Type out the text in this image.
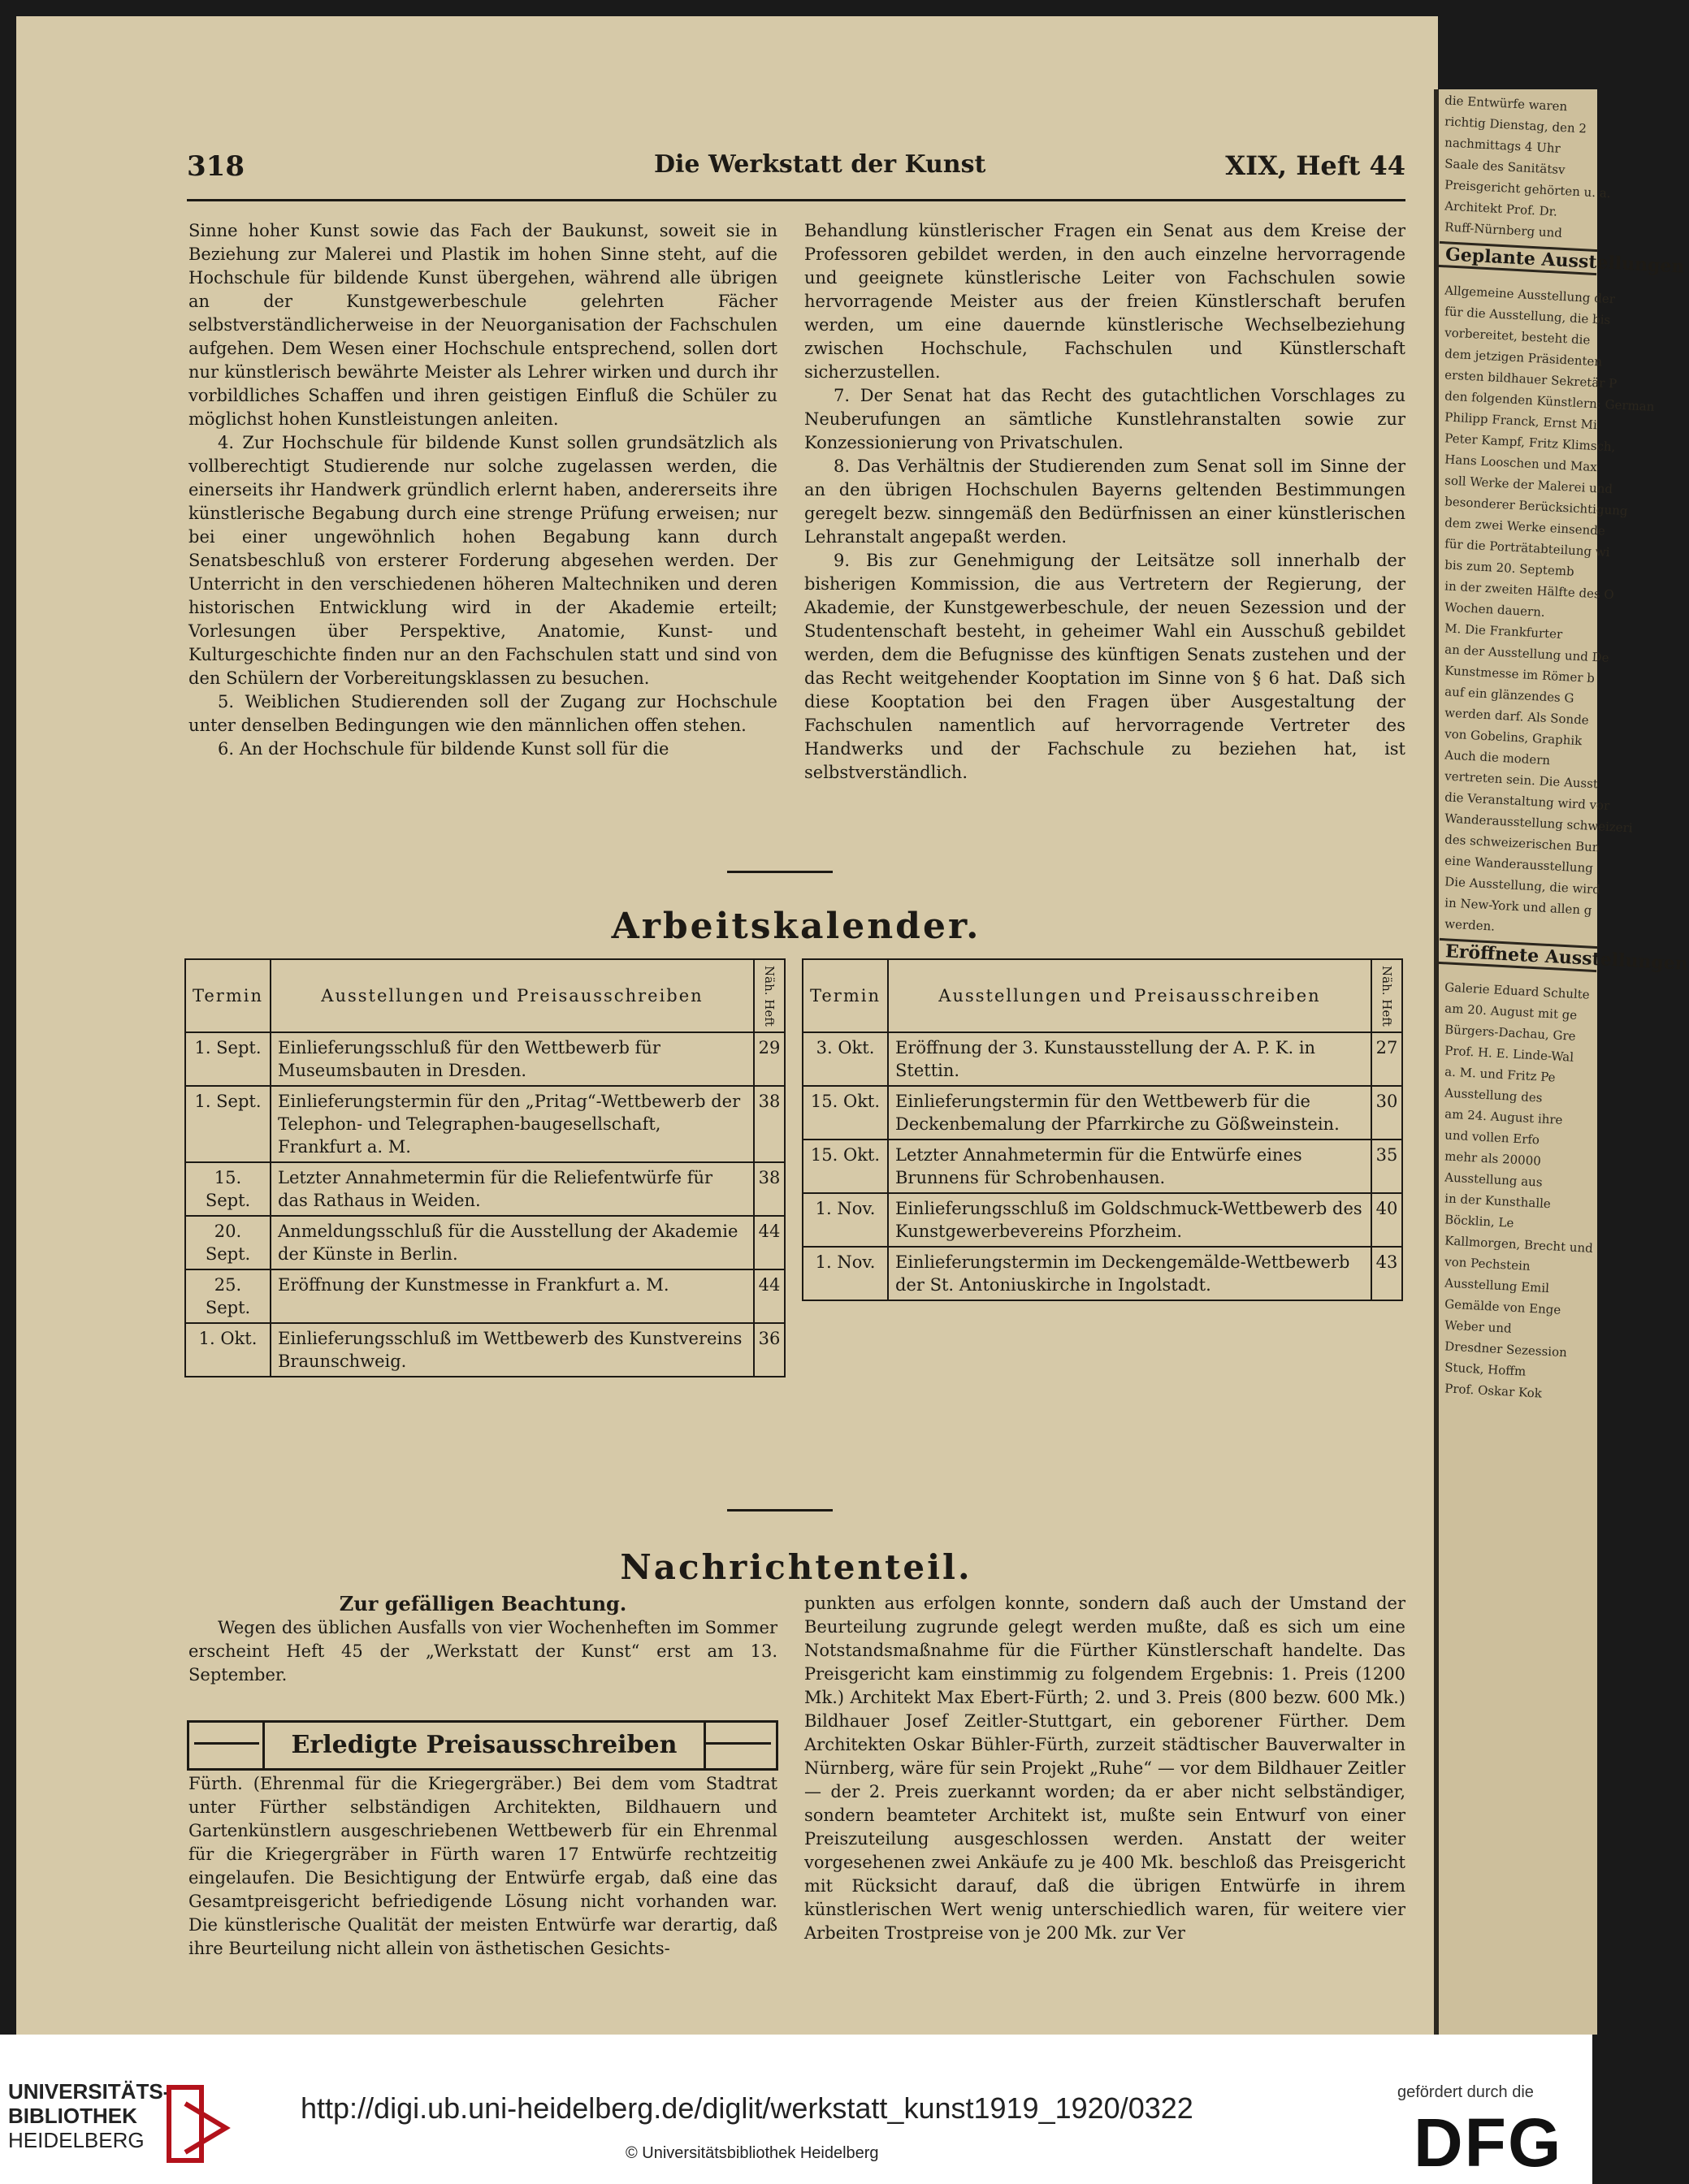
die Entwürfe waren
richtig Dienstag, den 2
nachmittags 4 Uhr
Saale des Sanitätsv
Preisgericht gehörten u. a.
Architekt Prof. Dr.
Ruff-Nürnberg und
Geplante Ausstellungen
Allgemeine Ausstellung der
für die Ausstellung, die bis
vorbereitet, besteht die
dem jetzigen Präsidenten
ersten bildhauer Sekretär P
den folgenden Künstlern: German
Philipp Franck, Ernst Mi
Peter Kampf, Fritz Klimsch,
Hans Looschen und Max
soll Werke der Malerei und
besonderer Berücksichtigung
dem zwei Werke einsende
für die Porträtabteilung wi
bis zum 20. Septemb
in der zweiten Hälfte des O
Wochen dauern.
M. Die Frankfurter
an der Ausstellung und De
Kunstmesse im Römer b
auf ein glänzendes G
werden darf. Als Sonde
von Gobelins, Graphik
Auch die modern
vertreten sein. Die Ausst
die Veranstaltung wird vor
Wanderausstellung schweizeri
des schweizerischen Bun
eine Wanderausstellung
Die Ausstellung, die wird
in New-York und allen g
werden.
Eröffnete Ausstellungen
Galerie Eduard Schulte
am 20. August mit ge
Bürgers-Dachau, Gre
Prof. H. E. Linde-Wal
a. M. und Fritz Pe
Ausstellung des
am 24. August ihre
und vollen Erfo
mehr als 20000
Ausstellung aus
in der Kunsthalle
Böcklin, Le
Kallmorgen, Brecht und
von Pechstein
Ausstellung Emil
Gemälde von Enge
Weber und
Dresdner Sezession
Stuck, Hoffm
Prof. Oskar Kok
318	Die Werkstatt der Kunst	XIX, Heft 44

Sinne hoher Kunst sowie das Fach der Baukunst, soweit sie in Beziehung zur Malerei und Plastik im hohen Sinne steht, auf die Hochschule für bildende Kunst übergehen, während alle übrigen an der Kunstgewerbeschule gelehrten Fächer selbstverständlicherweise in der Neuorganisation der Fachschulen aufgehen. Dem Wesen einer Hochschule entsprechend, sollen dort nur künstlerisch bewährte Meister als Lehrer wirken und durch ihr vorbildliches Schaffen und ihren geistigen Einfluß die Schüler zu möglichst hohen Kunstleistungen anleiten.

4. Zur Hochschule für bildende Kunst sollen grundsätzlich als vollberechtigt Studierende nur solche zugelassen werden, die einerseits ihr Handwerk gründlich erlernt haben, andererseits ihre künstlerische Begabung durch eine strenge Prüfung erweisen; nur bei einer ungewöhnlich hohen Begabung kann durch Senatsbeschluß von ersterer Forderung abgesehen werden. Der Unterricht in den verschiedenen höheren Maltechniken und deren historischen Entwicklung wird in der Akademie erteilt; Vorlesungen über Perspektive, Anatomie, Kunst- und Kulturgeschichte finden nur an den Fachschulen statt und sind von den Schülern der Vorbereitungsklassen zu besuchen.

5. Weiblichen Studierenden soll der Zugang zur Hochschule unter denselben Bedingungen wie den männlichen offen stehen.

6. An der Hochschule für bildende Kunst soll für die

Behandlung künstlerischer Fragen ein Senat aus dem Kreise der Professoren gebildet werden, in den auch einzelne hervorragende und geeignete künstlerische Leiter von Fachschulen sowie hervorragende Meister aus der freien Künstlerschaft berufen werden, um eine dauernde künstlerische Wechselbeziehung zwischen Hochschule, Fachschulen und Künstlerschaft sicherzustellen.

7. Der Senat hat das Recht des gutachtlichen Vorschlages zu Neuberufungen an sämtliche Kunstlehranstalten sowie zur Konzessionierung von Privatschulen.

8. Das Verhältnis der Studierenden zum Senat soll im Sinne der an den übrigen Hochschulen Bayerns geltenden Bestimmungen geregelt bezw. sinngemäß den Bedürfnissen an einer künstlerischen Lehranstalt angepaßt werden.

9. Bis zur Genehmigung der Leitsätze soll innerhalb der bisherigen Kommission, die aus Vertretern der Regierung, der Akademie, der Kunstgewerbeschule, der neuen Sezession und der Studentenschaft besteht, in geheimer Wahl ein Ausschuß gebildet werden, dem die Befugnisse des künftigen Senats zustehen und der das Recht weitgehender Kooptation im Sinne von § 6 hat. Daß sich diese Kooptation bei den Fragen über Ausgestaltung der Fachschulen namentlich auf hervorragende Vertreter des Handwerks und der Fachschule zu beziehen hat, ist selbstverständlich.

Arbeitskalender.
Termin	Ausstellungen und Preisausschreiben	Näh. Heft
1. Sept.	Einlieferungsschluß für den Wettbewerb für Museumsbauten in Dresden.	29
1. Sept.	Einlieferungstermin für den „Pritag“-Wettbewerb der Telephon- und Telegraphen-baugesellschaft, Frankfurt a. M.	38
15. Sept.	Letzter Annahmetermin für die Reliefentwürfe für das Rathaus in Weiden.	38
20. Sept.	Anmeldungsschluß für die Ausstellung der Akademie der Künste in Berlin.	44
25. Sept.	Eröffnung der Kunstmesse in Frankfurt a. M.	44
1. Okt.	Einlieferungsschluß im Wettbewerb des Kunstvereins Braunschweig.	36
Termin	Ausstellungen und Preisausschreiben	Näh. Heft
3. Okt.	Eröffnung der 3. Kunstausstellung der A. P. K. in Stettin.	27
15. Okt.	Einlieferungstermin für den Wettbewerb für die Deckenbemalung der Pfarrkirche zu Gößweinstein.	30
15. Okt.	Letzter Annahmetermin für die Entwürfe eines Brunnens für Schrobenhausen.	35
1. Nov.	Einlieferungsschluß im Goldschmuck-Wettbewerb des Kunstgewerbevereins Pforzheim.	40
1. Nov.	Einlieferungstermin im Deckengemälde-Wettbewerb der St. Antoniuskirche in Ingolstadt.	43
Nachrichtenteil.
Zur gefälligen Beachtung.

Wegen des üblichen Ausfalls von vier Wochenheften im Sommer erscheint Heft 45 der „Werkstatt der Kunst“ erst am 13. September.

Erledigte Preisausschreiben

Fürth. (Ehrenmal für die Kriegergräber.) Bei dem vom Stadtrat unter Fürther selbständigen Architekten, Bildhauern und Gartenkünstlern ausgeschriebenen Wettbewerb für ein Ehrenmal für die Kriegergräber in Fürth waren 17 Entwürfe rechtzeitig eingelaufen. Die Besichtigung der Entwürfe ergab, daß eine das Gesamtpreisgericht befriedigende Lösung nicht vorhanden war. Die künstlerische Qualität der meisten Entwürfe war derartig, daß ihre Beurteilung nicht allein von ästhetischen Gesichts-

punkten aus erfolgen konnte, sondern daß auch der Umstand der Beurteilung zugrunde gelegt werden mußte, daß es sich um eine Notstandsmaßnahme für die Fürther Künstlerschaft handelte. Das Preisgericht kam einstimmig zu folgendem Ergebnis: 1. Preis (1200 Mk.) Architekt Max Ebert-Fürth; 2. und 3. Preis (800 bezw. 600 Mk.) Bildhauer Josef Zeitler-Stuttgart, ein geborener Fürther. Dem Architekten Oskar Bühler-Fürth, zurzeit städtischer Bauverwalter in Nürnberg, wäre für sein Projekt „Ruhe“ — vor dem Bildhauer Zeitler — der 2. Preis zuerkannt worden; da er aber nicht selbständiger, sondern beamteter Architekt ist, mußte sein Entwurf von einer Preiszuteilung ausgeschlossen werden. Anstatt der weiter vorgesehenen zwei Ankäufe zu je 400 Mk. beschloß das Preisgericht mit Rücksicht darauf, daß die übrigen Entwürfe in ihrem künstlerischen Wert wenig unterschiedlich waren, für weitere vier Arbeiten Trostpreise von je 200 Mk. zur Ver

UNIVERSITÄTS-
BIBLIOTHEK
HEIDELBERG
http://digi.ub.uni-heidelberg.de/diglit/werkstatt_kunst1919_1920/0322
© Universitätsbibliothek Heidelberg
gefördert durch die
DFG
